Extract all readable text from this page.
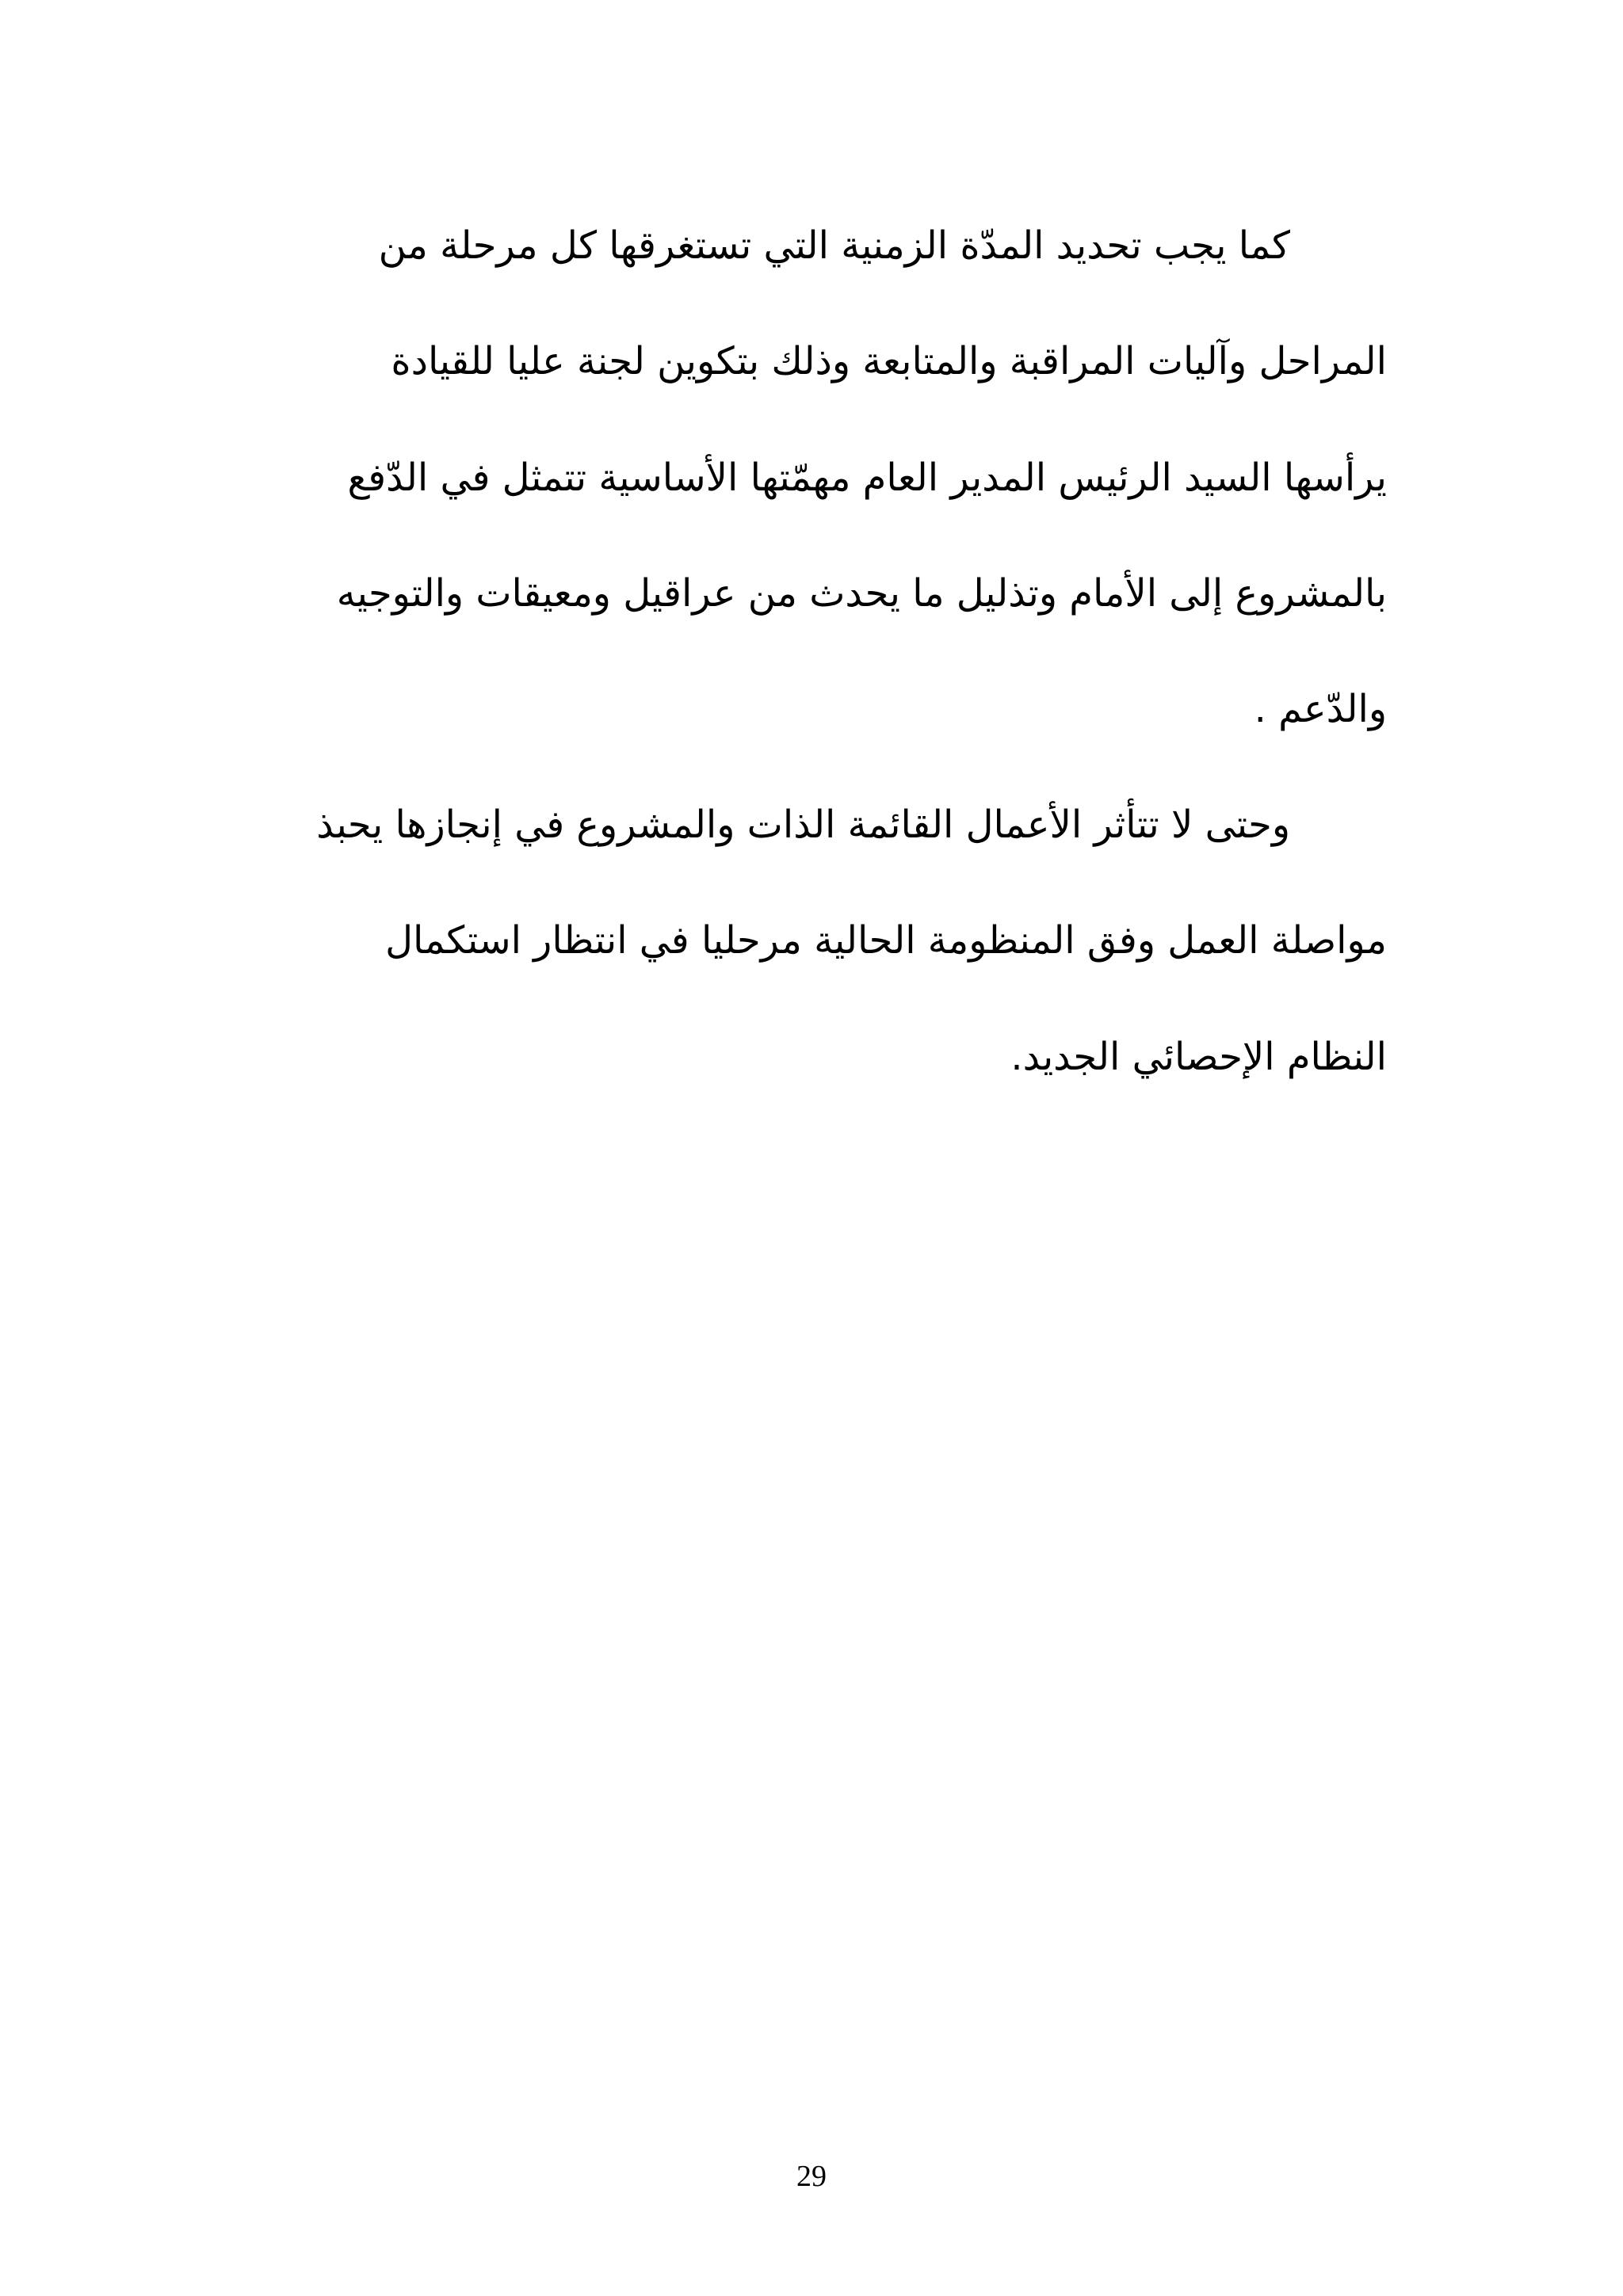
كما يجب تحديد المدّة الزمنية التي تستغرقها كل مرحلة من
المراحل وآليات المراقبة والمتابعة وذلك بتكوين لجنة عليا للقيادة
يرأسها السيد الرئيس المدير العام مهمّتها الأساسية تتمثل في الدّفع
بالمشروع إلى الأمام وتذليل ما يحدث من عراقيل ومعيقات والتوجيه
والدّعم .
وحتى لا تتأثر الأعمال القائمة الذات والمشروع في إنجازها يحبذ
مواصلة العمل وفق المنظومة الحالية مرحليا في انتظار استكمال
النظام الإحصائي الجديد.
29
